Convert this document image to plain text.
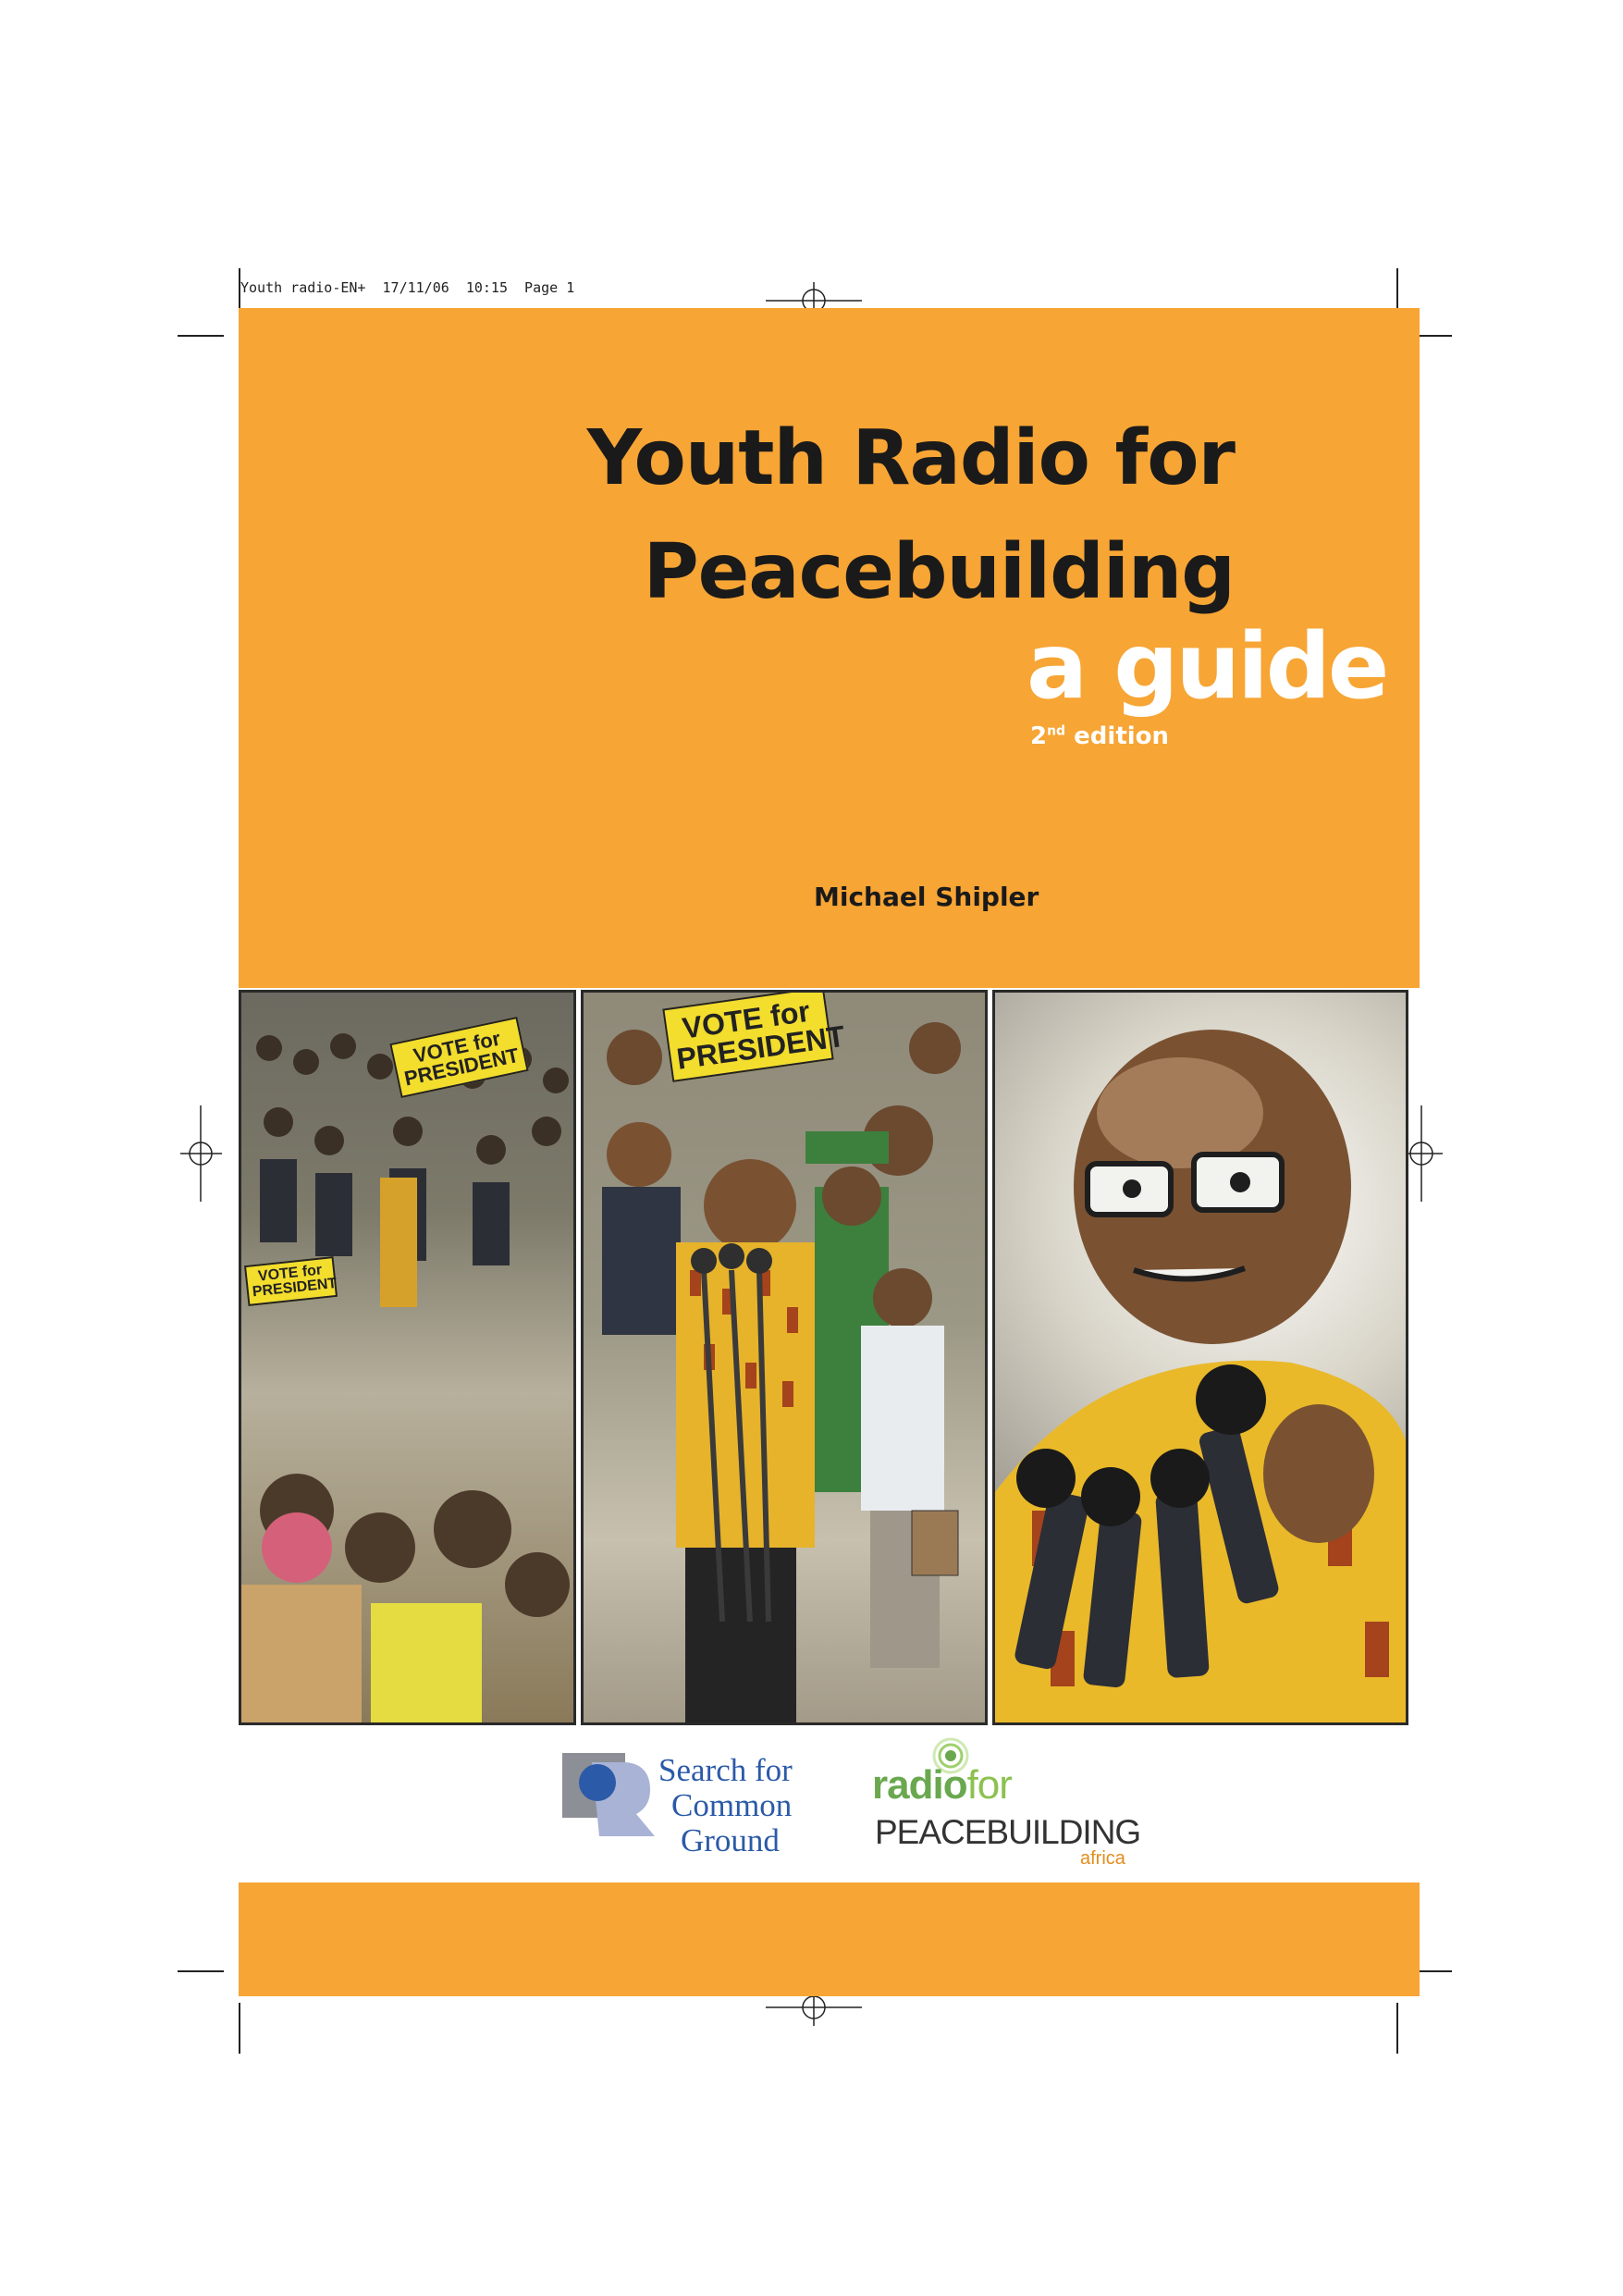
Youth radio-EN+  17/11/06  10:15  Page 1
Youth Radio for
Peacebuilding
a guide
2nd edition
Michael Shipler
VOTE for PRESIDENT
VOTE for PRESIDENT
VOTE for PRESIDENT
Search for
Common
Ground
radiofor
PEACEBUILDING
africa
